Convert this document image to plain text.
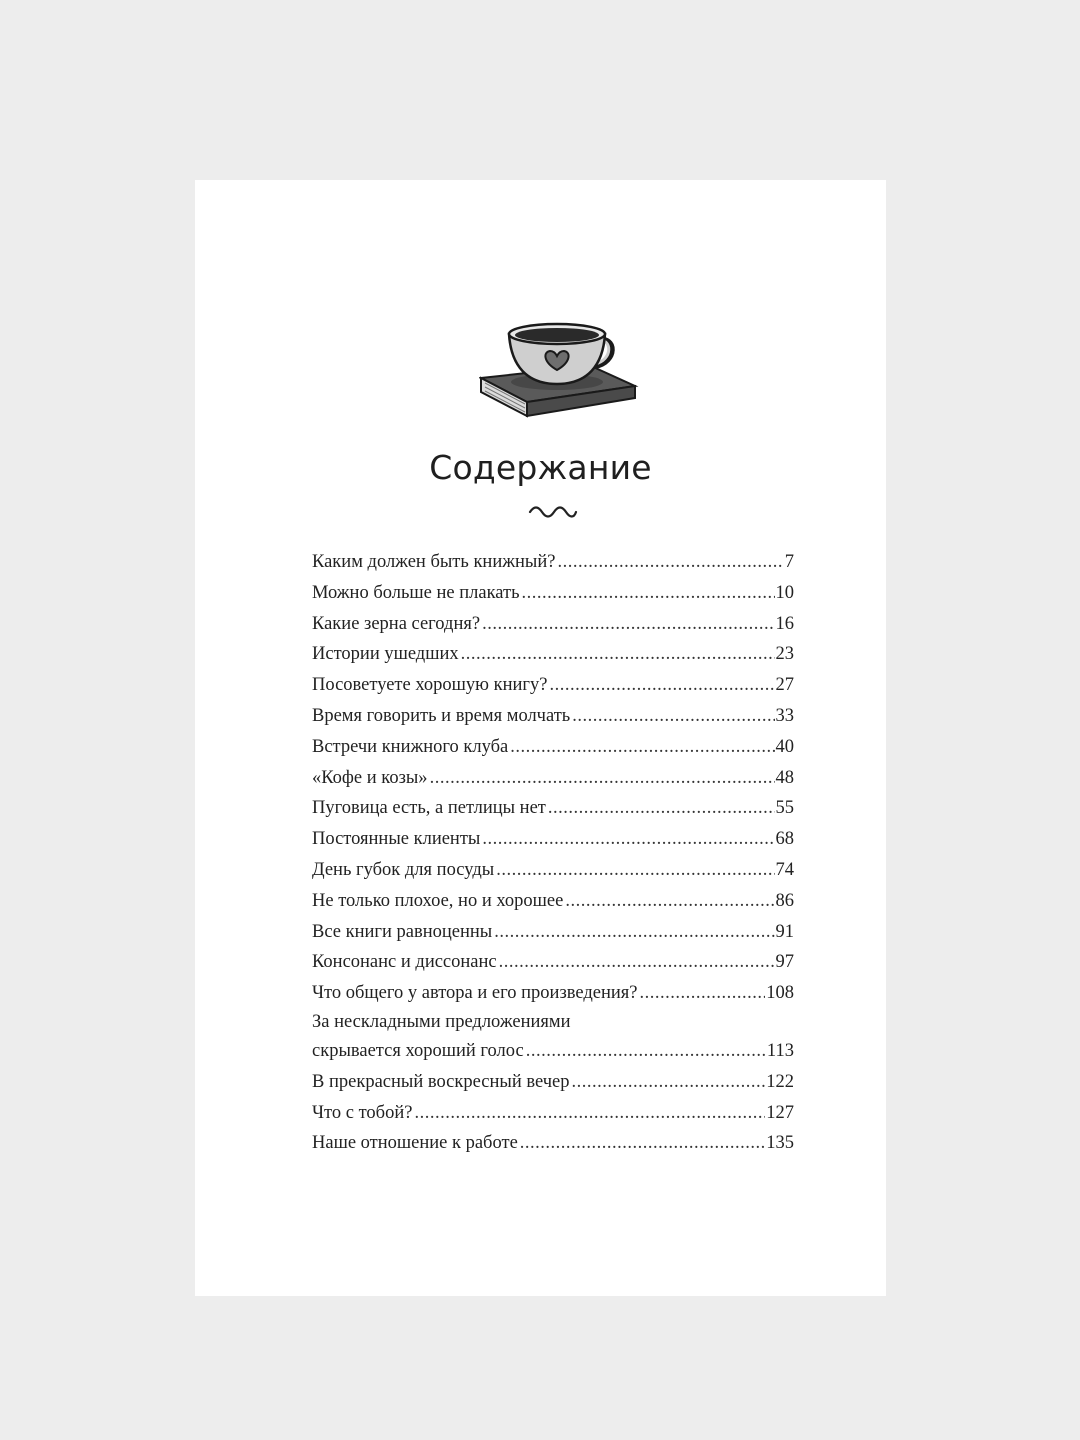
Содержание
Каким должен быть книжный? .....	7
Можно больше не плакать .....	10
Какие зерна сегодня? .....	16
Истории ушедших .....	23
Посоветуете хорошую книгу? .....	27
Время говорить и время молчать .....	33
Встречи книжного клуба .....	40
«Кофе и козы» .....	48
Пуговица есть, а петлицы нет .....	55
Постоянные клиенты .....	68
День губок для посуды .....	74
Не только плохое, но и хорошее .....	86
Все книги равноценны .....	91
Консонанс и диссонанс .....	97
Что общего у автора и его произведения? .....	108
За нескладными предложениями
скрывается хороший голос .....	113
В прекрасный воскресный вечер .....	122
Что с тобой? .....	127
Наше отношение к работе .....	135
